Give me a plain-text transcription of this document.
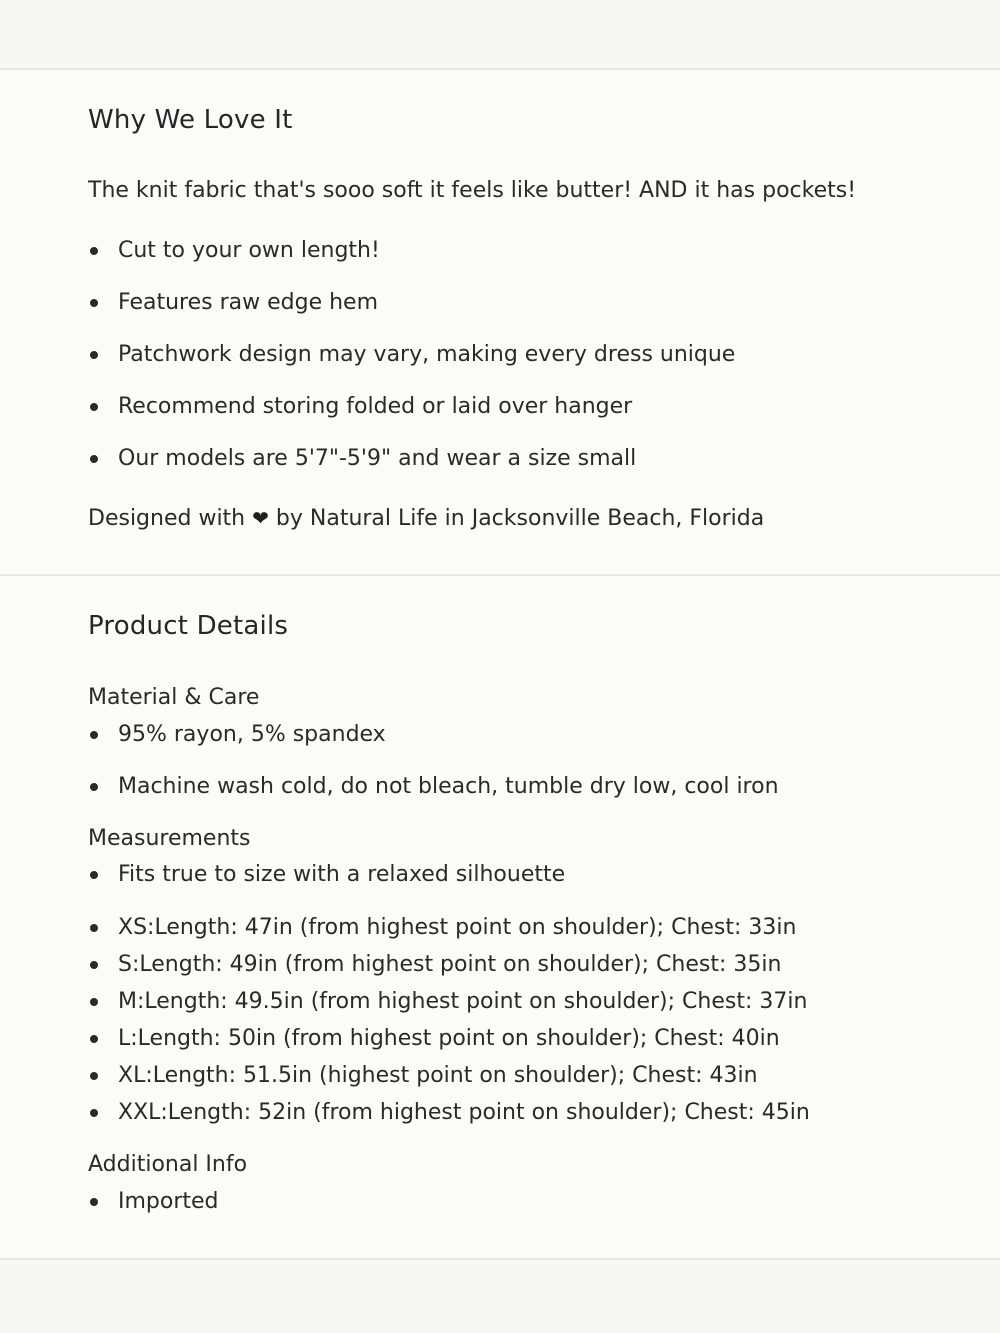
Why We Love It

The knit fabric that's sooo soft it feels like butter! AND it has pockets!

Cut to your own length!
Features raw edge hem
Patchwork design may vary, making every dress unique
Recommend storing folded or laid over hanger
Our models are 5'7"-5'9" and wear a size small

Designed with ❤ by Natural Life in Jacksonville Beach, Florida

Product Details

Material & Care

95% rayon, 5% spandex
Machine wash cold, do not bleach, tumble dry low, cool iron

Measurements

Fits true to size with a relaxed silhouette
XS:Length: 47in (from highest point on shoulder); Chest: 33in
S:Length: 49in (from highest point on shoulder); Chest: 35in
M:Length: 49.5in (from highest point on shoulder); Chest: 37in
L:Length: 50in (from highest point on shoulder); Chest: 40in
XL:Length: 51.5in (highest point on shoulder); Chest: 43in
XXL:Length: 52in (from highest point on shoulder); Chest: 45in

Additional Info

Imported
